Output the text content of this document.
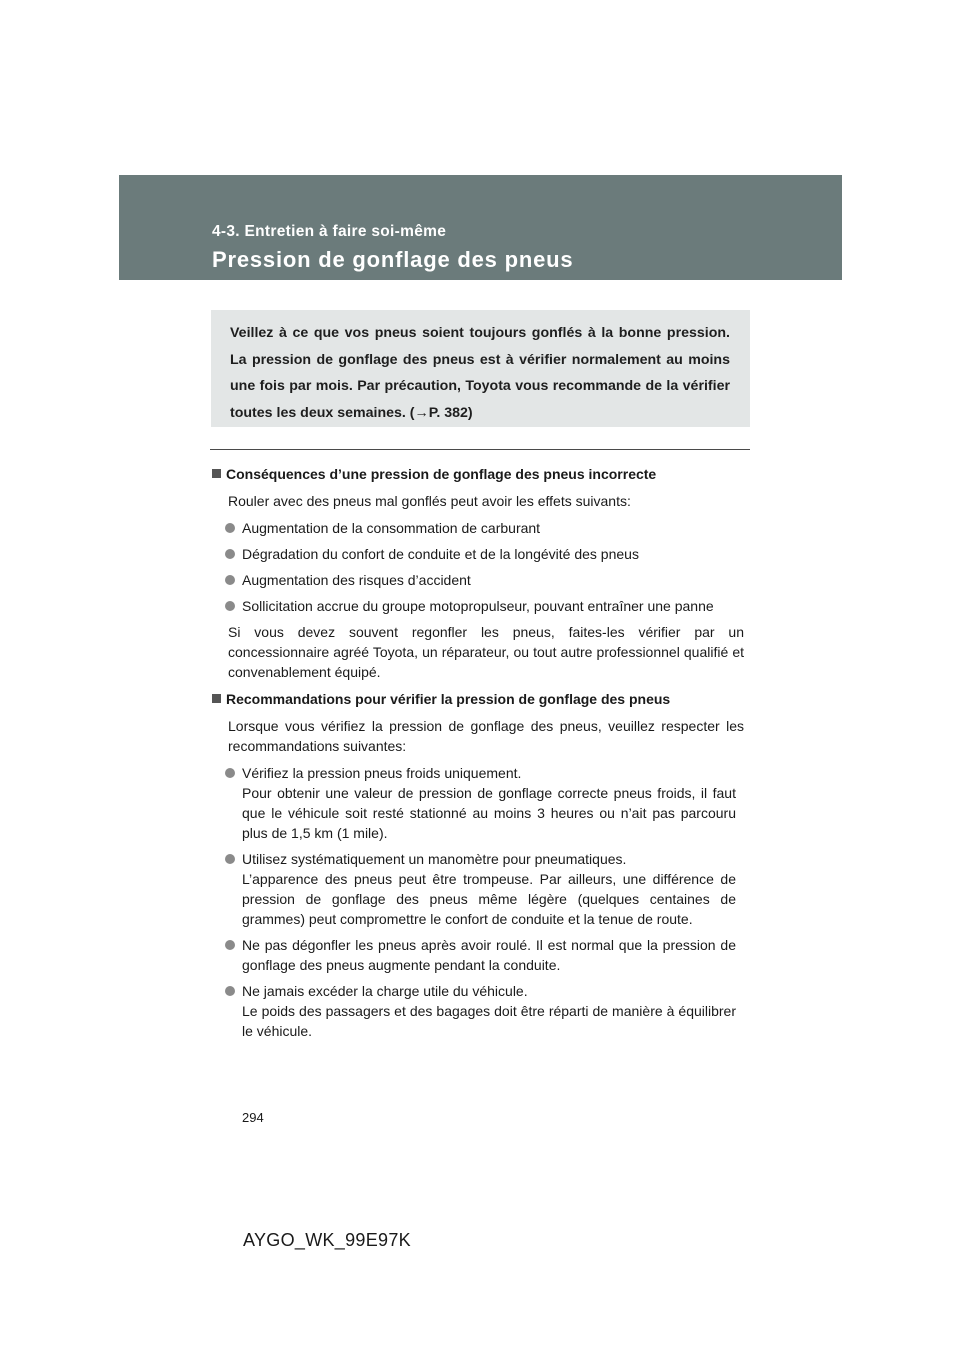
4-3. Entretien à faire soi-même
Pression de gonflage des pneus
Veillez à ce que vos pneus soient toujours gonflés à la bonne pression. La pression de gonflage des pneus est à vérifier normalement au moins une fois par mois. Par précaution, Toyota vous recommande de la vérifier toutes les deux semaines. (→P. 382)
Conséquences d’une pression de gonflage des pneus incorrecte
Rouler avec des pneus mal gonflés peut avoir les effets suivants:
Augmentation de la consommation de carburant
Dégradation du confort de conduite et de la longévité des pneus
Augmentation des risques d’accident
Sollicitation accrue du groupe motopropulseur, pouvant entraîner une panne
Si vous devez souvent regonfler les pneus, faites-les vérifier par un concessionnaire agréé Toyota, un réparateur, ou tout autre professionnel qualifié et convenablement équipé.
Recommandations pour vérifier la pression de gonflage des pneus
Lorsque vous vérifiez la pression de gonflage des pneus, veuillez respecter les recommandations suivantes:
Vérifiez la pression pneus froids uniquement.
Pour obtenir une valeur de pression de gonflage correcte pneus froids, il faut que le véhicule soit resté stationné au moins 3 heures ou n’ait pas parcouru plus de 1,5 km (1 mile).
Utilisez systématiquement un manomètre pour pneumatiques.
L’apparence des pneus peut être trompeuse. Par ailleurs, une différence de pression de gonflage des pneus même légère (quelques centaines de grammes) peut compromettre le confort de conduite et la tenue de route.
Ne pas dégonfler les pneus après avoir roulé. Il est normal que la pression de gonflage des pneus augmente pendant la conduite.
Ne jamais excéder la charge utile du véhicule.
Le poids des passagers et des bagages doit être réparti de manière à équilibrer le véhicule.
294
AYGO_WK_99E97K
